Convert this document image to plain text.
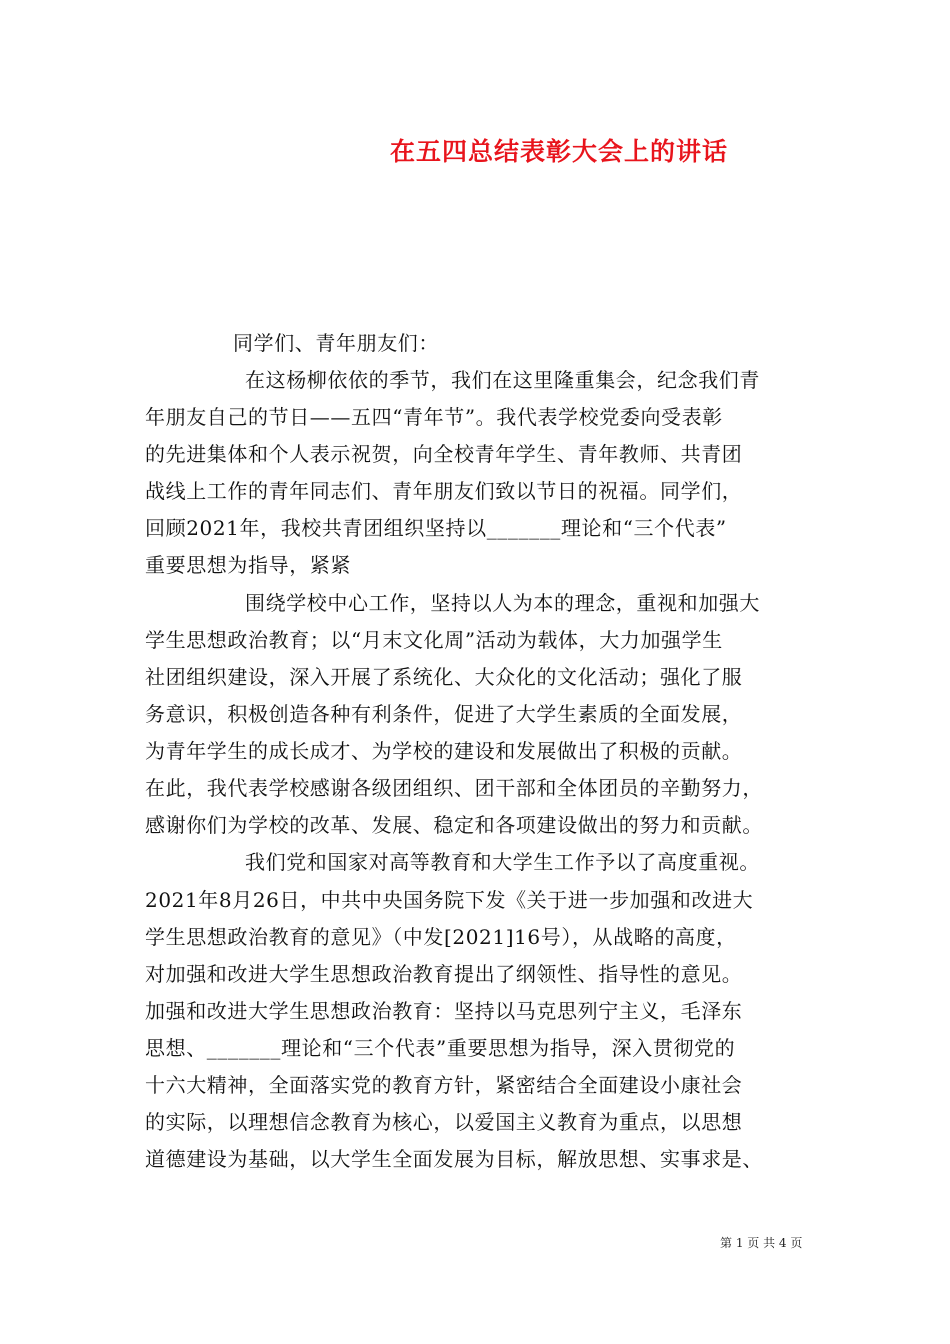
在五四总结表彰大会上的讲话
同学们、青年朋友们：
在这杨柳依依的季节，我们在这里隆重集会，纪念我们青
年朋友自己的节日——五四“青年节”。我代表学校党委向受表彰
的先进集体和个人表示祝贺，向全校青年学生、青年教师、共青团
战线上工作的青年同志们、青年朋友们致以节日的祝福。同学们，
回顾2021年，我校共青团组织坚持以_______理论和“三个代表”
重要思想为指导，紧紧
围绕学校中心工作，坚持以人为本的理念，重视和加强大
学生思想政治教育；以“月末文化周”活动为载体，大力加强学生
社团组织建设，深入开展了系统化、大众化的文化活动；强化了服
务意识，积极创造各种有利条件，促进了大学生素质的全面发展，
为青年学生的成长成才、为学校的建设和发展做出了积极的贡献。
在此，我代表学校感谢各级团组织、团干部和全体团员的辛勤努力，
感谢你们为学校的改革、发展、稳定和各项建设做出的努力和贡献。
我们党和国家对高等教育和大学生工作予以了高度重视。
2021年8月26日，中共中央国务院下发《关于进一步加强和改进大
学生思想政治教育的意见》（中发[2021]16号），从战略的高度，
对加强和改进大学生思想政治教育提出了纲领性、指导性的意见。
加强和改进大学生思想政治教育：坚持以马克思列宁主义，毛泽东
思想、_______理论和“三个代表”重要思想为指导，深入贯彻党的
十六大精神，全面落实党的教育方针，紧密结合全面建设小康社会
的实际，以理想信念教育为核心，以爱国主义教育为重点，以思想
道德建设为基础，以大学生全面发展为目标，解放思想、实事求是、
第 1 页 共 4 页
